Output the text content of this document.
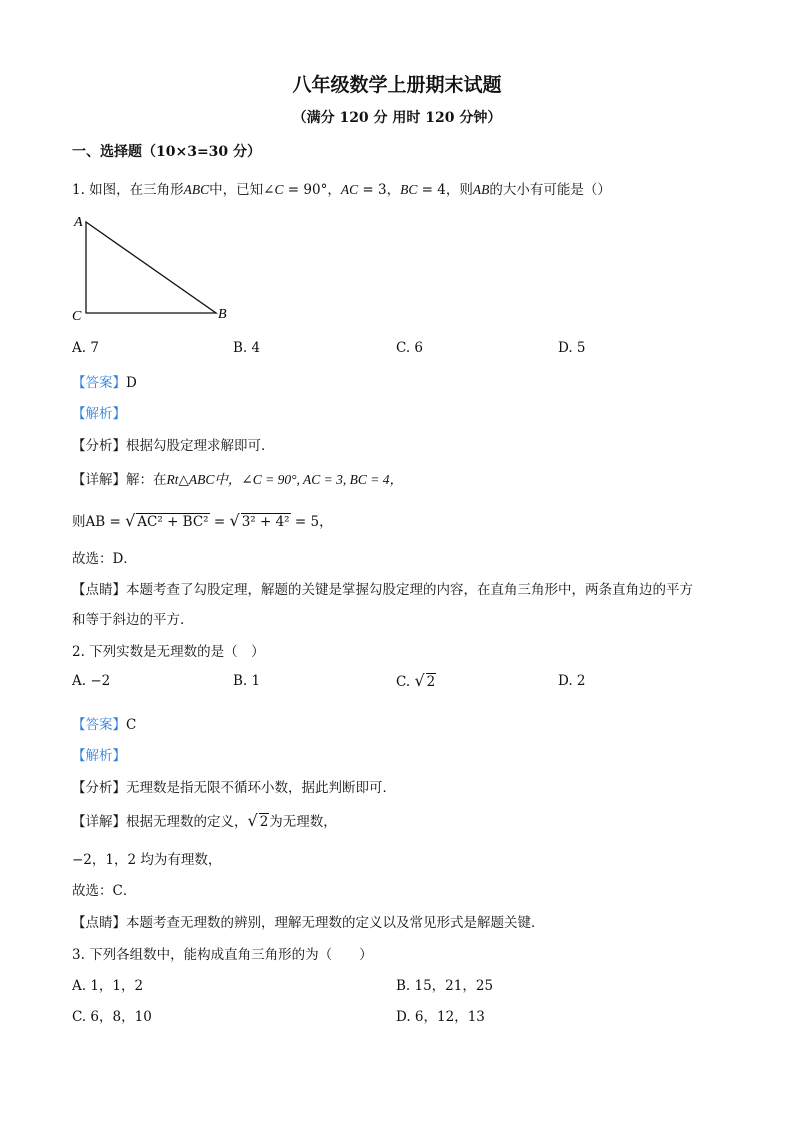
八年级数学上册期末试题
（满分 120 分 用时 120 分钟）
一、选择题（10×3=30 分）
1. 如图，在三角形ABC中，已知∠C = 90°，AC = 3，BC = 4，则AB的大小有可能是（）
A
C	B
A. 7	B. 4	C. 6	D. 5
【答案】D
【解析】
【分析】根据勾股定理求解即可．
【详解】解：在Rt△ABC中，∠C = 90°, AC = 3, BC = 4，
则AB = √ AC² + BC² = √ 3² + 4² = 5，
故选：D．
【点睛】本题考查了勾股定理，解题的关键是掌握勾股定理的内容，在直角三角形中，两条直角边的平方
和等于斜边的平方．
2. 下列实数是无理数的是（　）
A. −2	B. 1	C. √ 2	D. 2
【答案】C
【解析】
【分析】无理数是指无限不循环小数，据此判断即可．
【详解】根据无理数的定义，√ 2为无理数，
−2，1，2 均为有理数，
故选：C．
【点睛】本题考查无理数的辨别，理解无理数的定义以及常见形式是解题关键．
3. 下列各组数中，能构成直角三角形的为（　　）
A. 1，1，2	B. 15，21，25
C. 6，8，10	D. 6，12，13
